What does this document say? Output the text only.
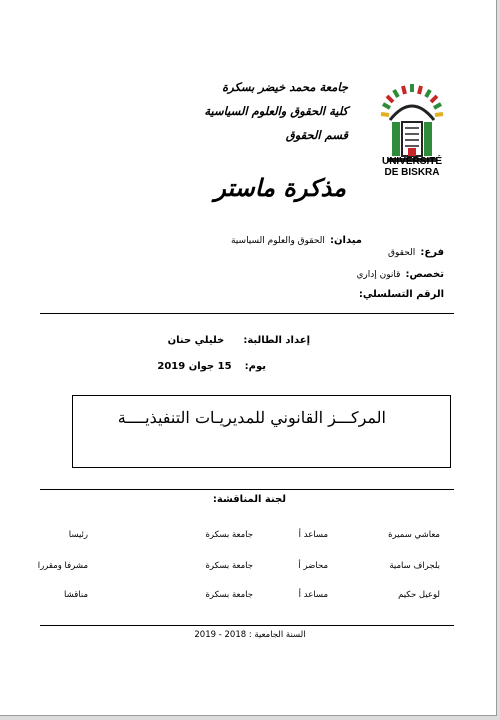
جامعة محمد خيضر بسكرة
كلية الحقوق والعلوم السياسية
قسم الحقوق
UNIVERSITÉ
DE BISKRA
مذكرة ماستر
ميدان: الحقوق والعلوم السياسية
فرع: الحقوق
تخصص: قانون إداري
الرقم التسلسلي:
إعداد الطالبة: خليلي حنان
يوم: 15 جوان 2019
المركـــز القانوني للمديريـات التنفيذيــــة
لجنة المناقشة:
معاشي سميرة
مساعد أ
جامعة بسكرة
رئيسا
بلجراف سامية
محاضر أ
جامعة بسكرة
مشرفا ومقررا
لوعيل حكيم
مساعد أ
جامعة بسكرة
مناقشا
السنة الجامعية : 2018 - 2019
